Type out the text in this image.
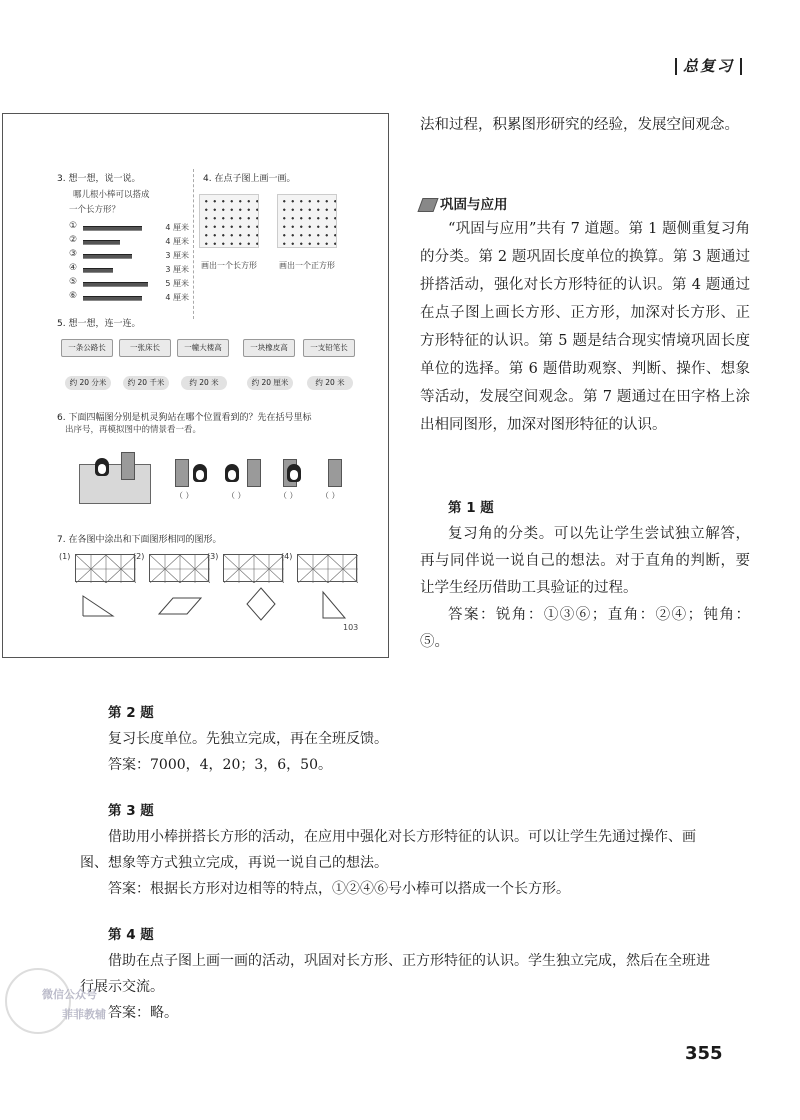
总复习
3. 想一想，说一说。
哪儿根小棒可以搭成
一个长方形？
①	4 厘米
②	4 厘米
③	3 厘米
④	3 厘米
⑤	5 厘米
⑥	4 厘米
4. 在点子图上画一画。
画出一个长方形	画出一个正方形
5. 想一想，连一连。
一条公路长	一张床长	一幢大楼高	一块橡皮高	一支铅笔长
约 20 分米	约 20 千米	约 20 米	约 20 厘米	约 20 米
6. 下面四幅图分别是机灵狗站在哪个位置看到的？先在括号里标
出序号，再模拟图中的情景看一看。
（ ）	（ ）	（ ）	（ ）
7. 在各图中涂出和下面图形相同的图形。
(1)	(2)	(3)	(4)
103

法和过程，积累图形研究的经验，发展空间观念。

巩固与应用

“巩固与应用”共有 7 道题。第 1 题侧重复习角的分类。第 2 题巩固长度单位的换算。第 3 题通过拼搭活动，强化对长方形特征的认识。第 4 题通过在点子图上画长方形、正方形，加深对长方形、正方形特征的认识。第 5 题是结合现实情境巩固长度单位的选择。第 6 题借助观察、判断、操作、想象等活动，发展空间观念。第 7 题通过在田字格上涂出相同图形，加深对图形特征的认识。

第 1 题

复习角的分类。可以先让学生尝试独立解答，再与同伴说一说自己的想法。对于直角的判断，要让学生经历借助工具验证的过程。

答案：锐角：①③⑥；直角：②④；钝角：⑤。

第 2 题
复习长度单位。先独立完成，再在全班反馈。
答案：7000，4，20；3，6，50。
第 3 题
借助用小棒拼搭长方形的活动，在应用中强化对长方形特征的认识。可以让学生先通过操作、画图、想象等方式独立完成，再说一说自己的想法。
答案：根据长方形对边相等的特点，①②④⑥号小棒可以搭成一个长方形。
第 4 题
借助在点子图上画一画的活动，巩固对长方形、正方形特征的认识。学生独立完成，然后在全班进行展示交流。
答案：略。
微信公众号
菲菲教辅
355
